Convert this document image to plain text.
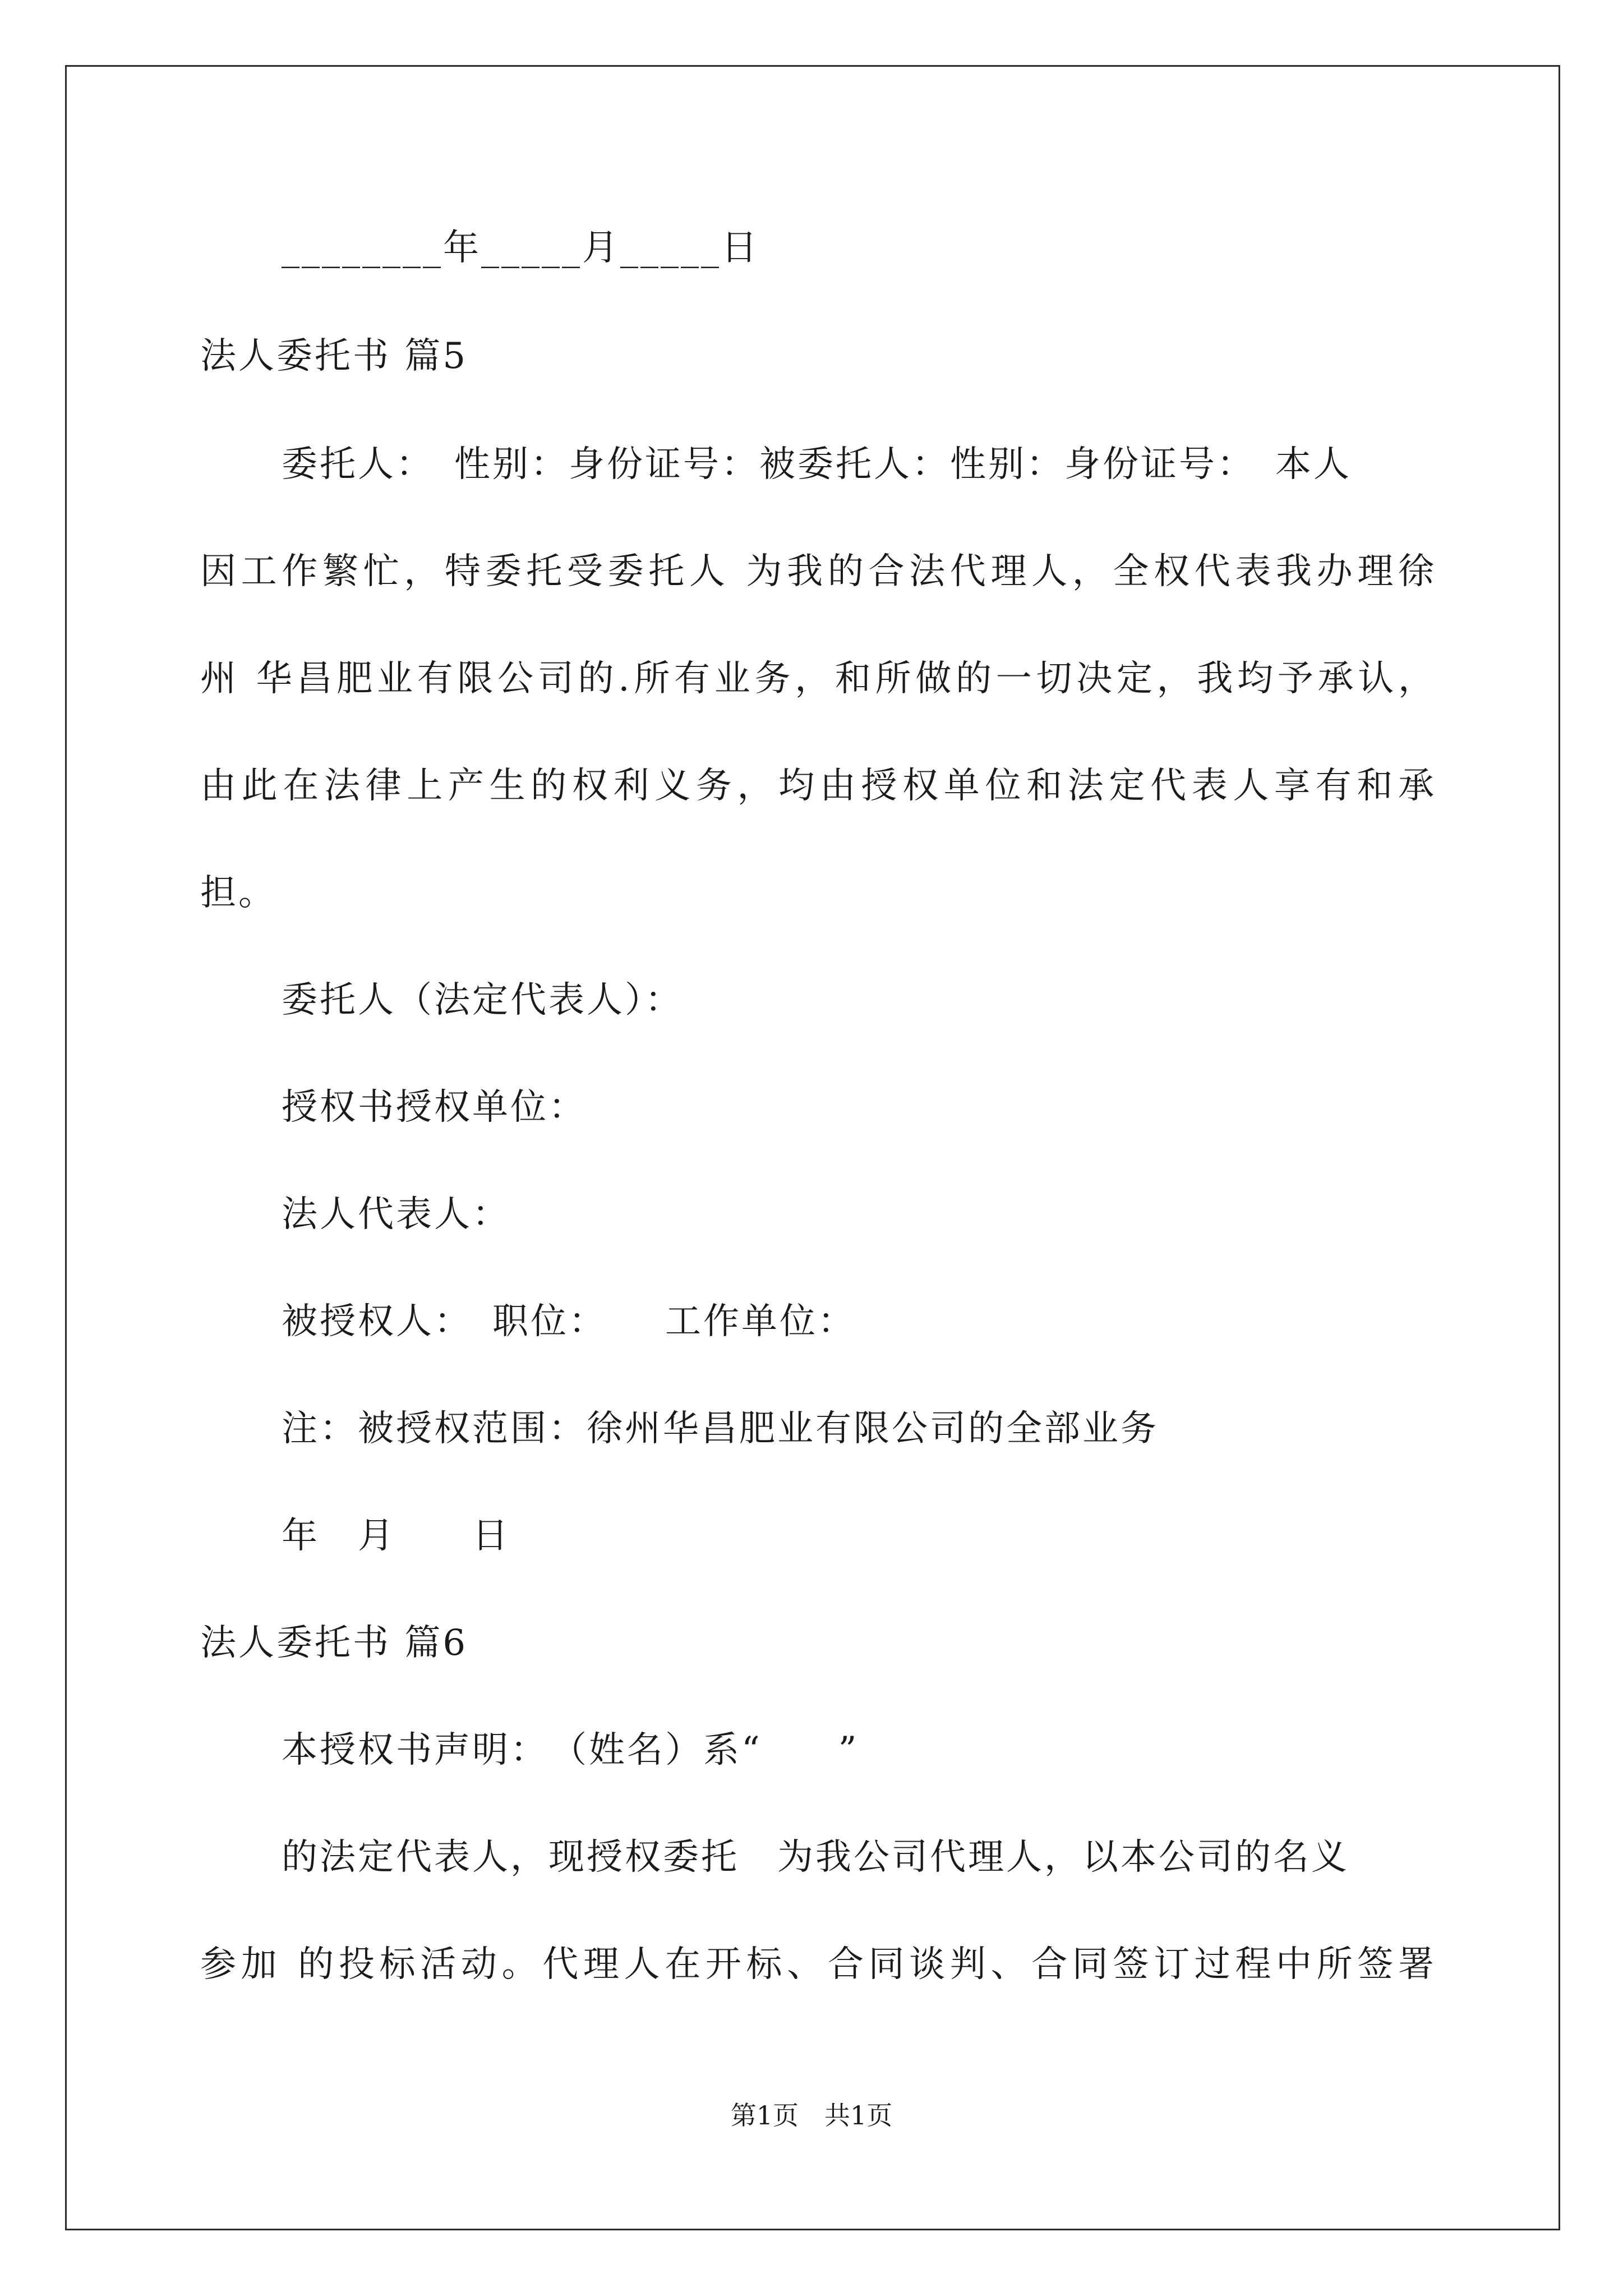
________年_____月_____日
法人委托书 篇5
委托人：　性别：身份证号：被委托人：性别：身份证号：　本人
因工作繁忙，特委托受委托人 为我的合法代理人，全权代表我办理徐
州 华昌肥业有限公司的.所有业务，和所做的一切决定，我均予承认，
由此在法律上产生的权利义务，均由授权单位和法定代表人享有和承
担。
委托人（法定代表人）：
授权书授权单位：
法人代表人：
被授权人：　职位：　　工作单位：
注：被授权范围：徐州华昌肥业有限公司的全部业务
年　月　　日
法人委托书 篇6
本授权书声明：　（姓名）系“　　”
的法定代表人，现授权委托　为我公司代理人，以本公司的名义
参加 的投标活动。代理人在开标、合同谈判、合同签订过程中所签署
第1页　共1页
